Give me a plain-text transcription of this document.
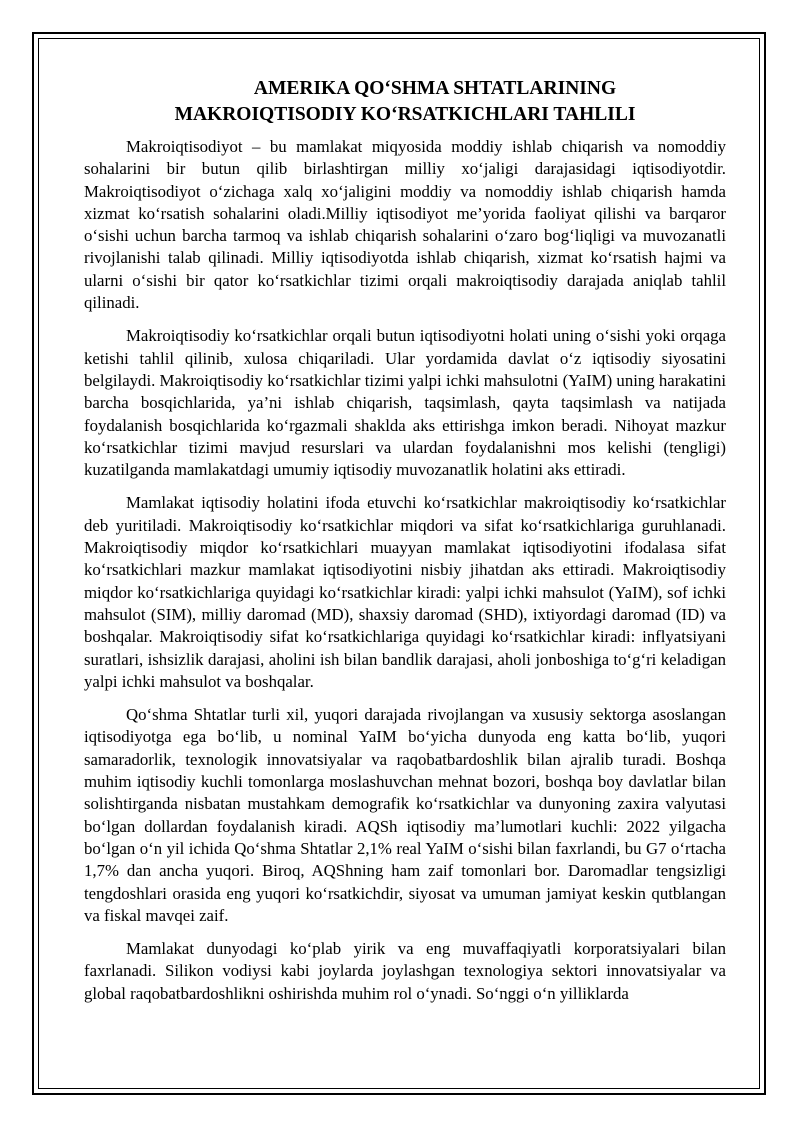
AMERIKA QO‘SHMA SHTATLARINING
MAKROIQTISODIY KO‘RSATKICHLARI TAHLILI

Makroiqtisodiyot – bu mamlakat miqyosida moddiy ishlab chiqarish va nomoddiy sohalarini bir butun qilib birlashtirgan milliy xo‘jaligi darajasidagi iqtisodiyotdir. Makroiqtisodiyot o‘zichaga xalq xo‘jaligini moddiy va nomoddiy ishlab chiqarish hamda xizmat ko‘rsatish sohalarini oladi.Milliy iqtisodiyot me’yorida faoliyat qilishi va barqaror o‘sishi uchun barcha tarmoq va ishlab chiqarish sohalarini o‘zaro bog‘liqligi va muvozanatli rivojlanishi talab qilinadi. Milliy iqtisodiyotda ishlab chiqarish, xizmat ko‘rsatish hajmi va ularni o‘sishi bir qator ko‘rsatkichlar tizimi orqali makroiqtisodiy darajada aniqlab tahlil qilinadi.

Makroiqtisodiy ko‘rsatkichlar orqali butun iqtisodiyotni holati uning o‘sishi yoki orqaga ketishi tahlil qilinib, xulosa chiqariladi. Ular yordamida davlat o‘z iqtisodiy siyosatini belgilaydi. Makroiqtisodiy ko‘rsatkichlar tizimi yalpi ichki mahsulotni (YaIM) uning harakatini barcha bosqichlarida, ya’ni ishlab chiqarish, taqsimlash, qayta taqsimlash va natijada foydalanish bosqichlarida ko‘rgazmali shaklda aks ettirishga imkon beradi. Nihoyat mazkur ko‘rsatkichlar tizimi mavjud resurslari va ulardan foydalanishni mos kelishi (tengligi) kuzatilganda mamlakatdagi umumiy iqtisodiy muvozanatlik holatini aks ettiradi.

Mamlakat iqtisodiy holatini ifoda etuvchi ko‘rsatkichlar makroiqtisodiy ko‘rsatkichlar deb yuritiladi. Makroiqtisodiy ko‘rsatkichlar miqdori va sifat ko‘rsatkichlariga guruhlanadi. Makroiqtisodiy miqdor ko‘rsatkichlari muayyan mamlakat iqtisodiyotini ifodalasa sifat ko‘rsatkichlari mazkur mamlakat iqtisodiyotini nisbiy jihatdan aks ettiradi. Makroiqtisodiy miqdor ko‘rsatkichlariga quyidagi ko‘rsatkichlar kiradi: yalpi ichki mahsulot (YaIM), sof ichki mahsulot (SIM), milliy daromad (MD), shaxsiy daromad (SHD), ixtiyordagi daromad (ID) va boshqalar. Makroiqtisodiy sifat ko‘rsatkichlariga quyidagi ko‘rsatkichlar kiradi: inflyatsiyani suratlari, ishsizlik darajasi, aholini ish bilan bandlik darajasi, aholi jonboshiga to‘g‘ri keladigan yalpi ichki mahsulot va boshqalar.

Qo‘shma Shtatlar turli xil, yuqori darajada rivojlangan va xususiy sektorga asoslangan iqtisodiyotga ega bo‘lib, u nominal YaIM bo‘yicha dunyoda eng katta bo‘lib, yuqori samaradorlik, texnologik innovatsiyalar va raqobatbardoshlik bilan ajralib turadi. Boshqa muhim iqtisodiy kuchli tomonlarga moslashuvchan mehnat bozori, boshqa boy davlatlar bilan solishtirganda nisbatan mustahkam demografik ko‘rsatkichlar va dunyoning zaxira valyutasi bo‘lgan dollardan foydalanish kiradi. AQSh iqtisodiy ma’lumotlari kuchli: 2022 yilgacha bo‘lgan o‘n yil ichida Qo‘shma Shtatlar 2,1% real YaIM o‘sishi bilan faxrlandi, bu G7 o‘rtacha 1,7% dan ancha yuqori. Biroq, AQShning ham zaif tomonlari bor. Daromadlar tengsizligi tengdoshlari orasida eng yuqori ko‘rsatkichdir, siyosat va umuman jamiyat keskin qutblangan va fiskal mavqei zaif.

Mamlakat dunyodagi ko‘plab yirik va eng muvaffaqiyatli korporatsiyalari bilan faxrlanadi. Silikon vodiysi kabi joylarda joylashgan texnologiya sektori innovatsiyalar va global raqobatbardoshlikni oshirishda muhim rol o‘ynadi. So‘nggi o‘n yilliklarda
